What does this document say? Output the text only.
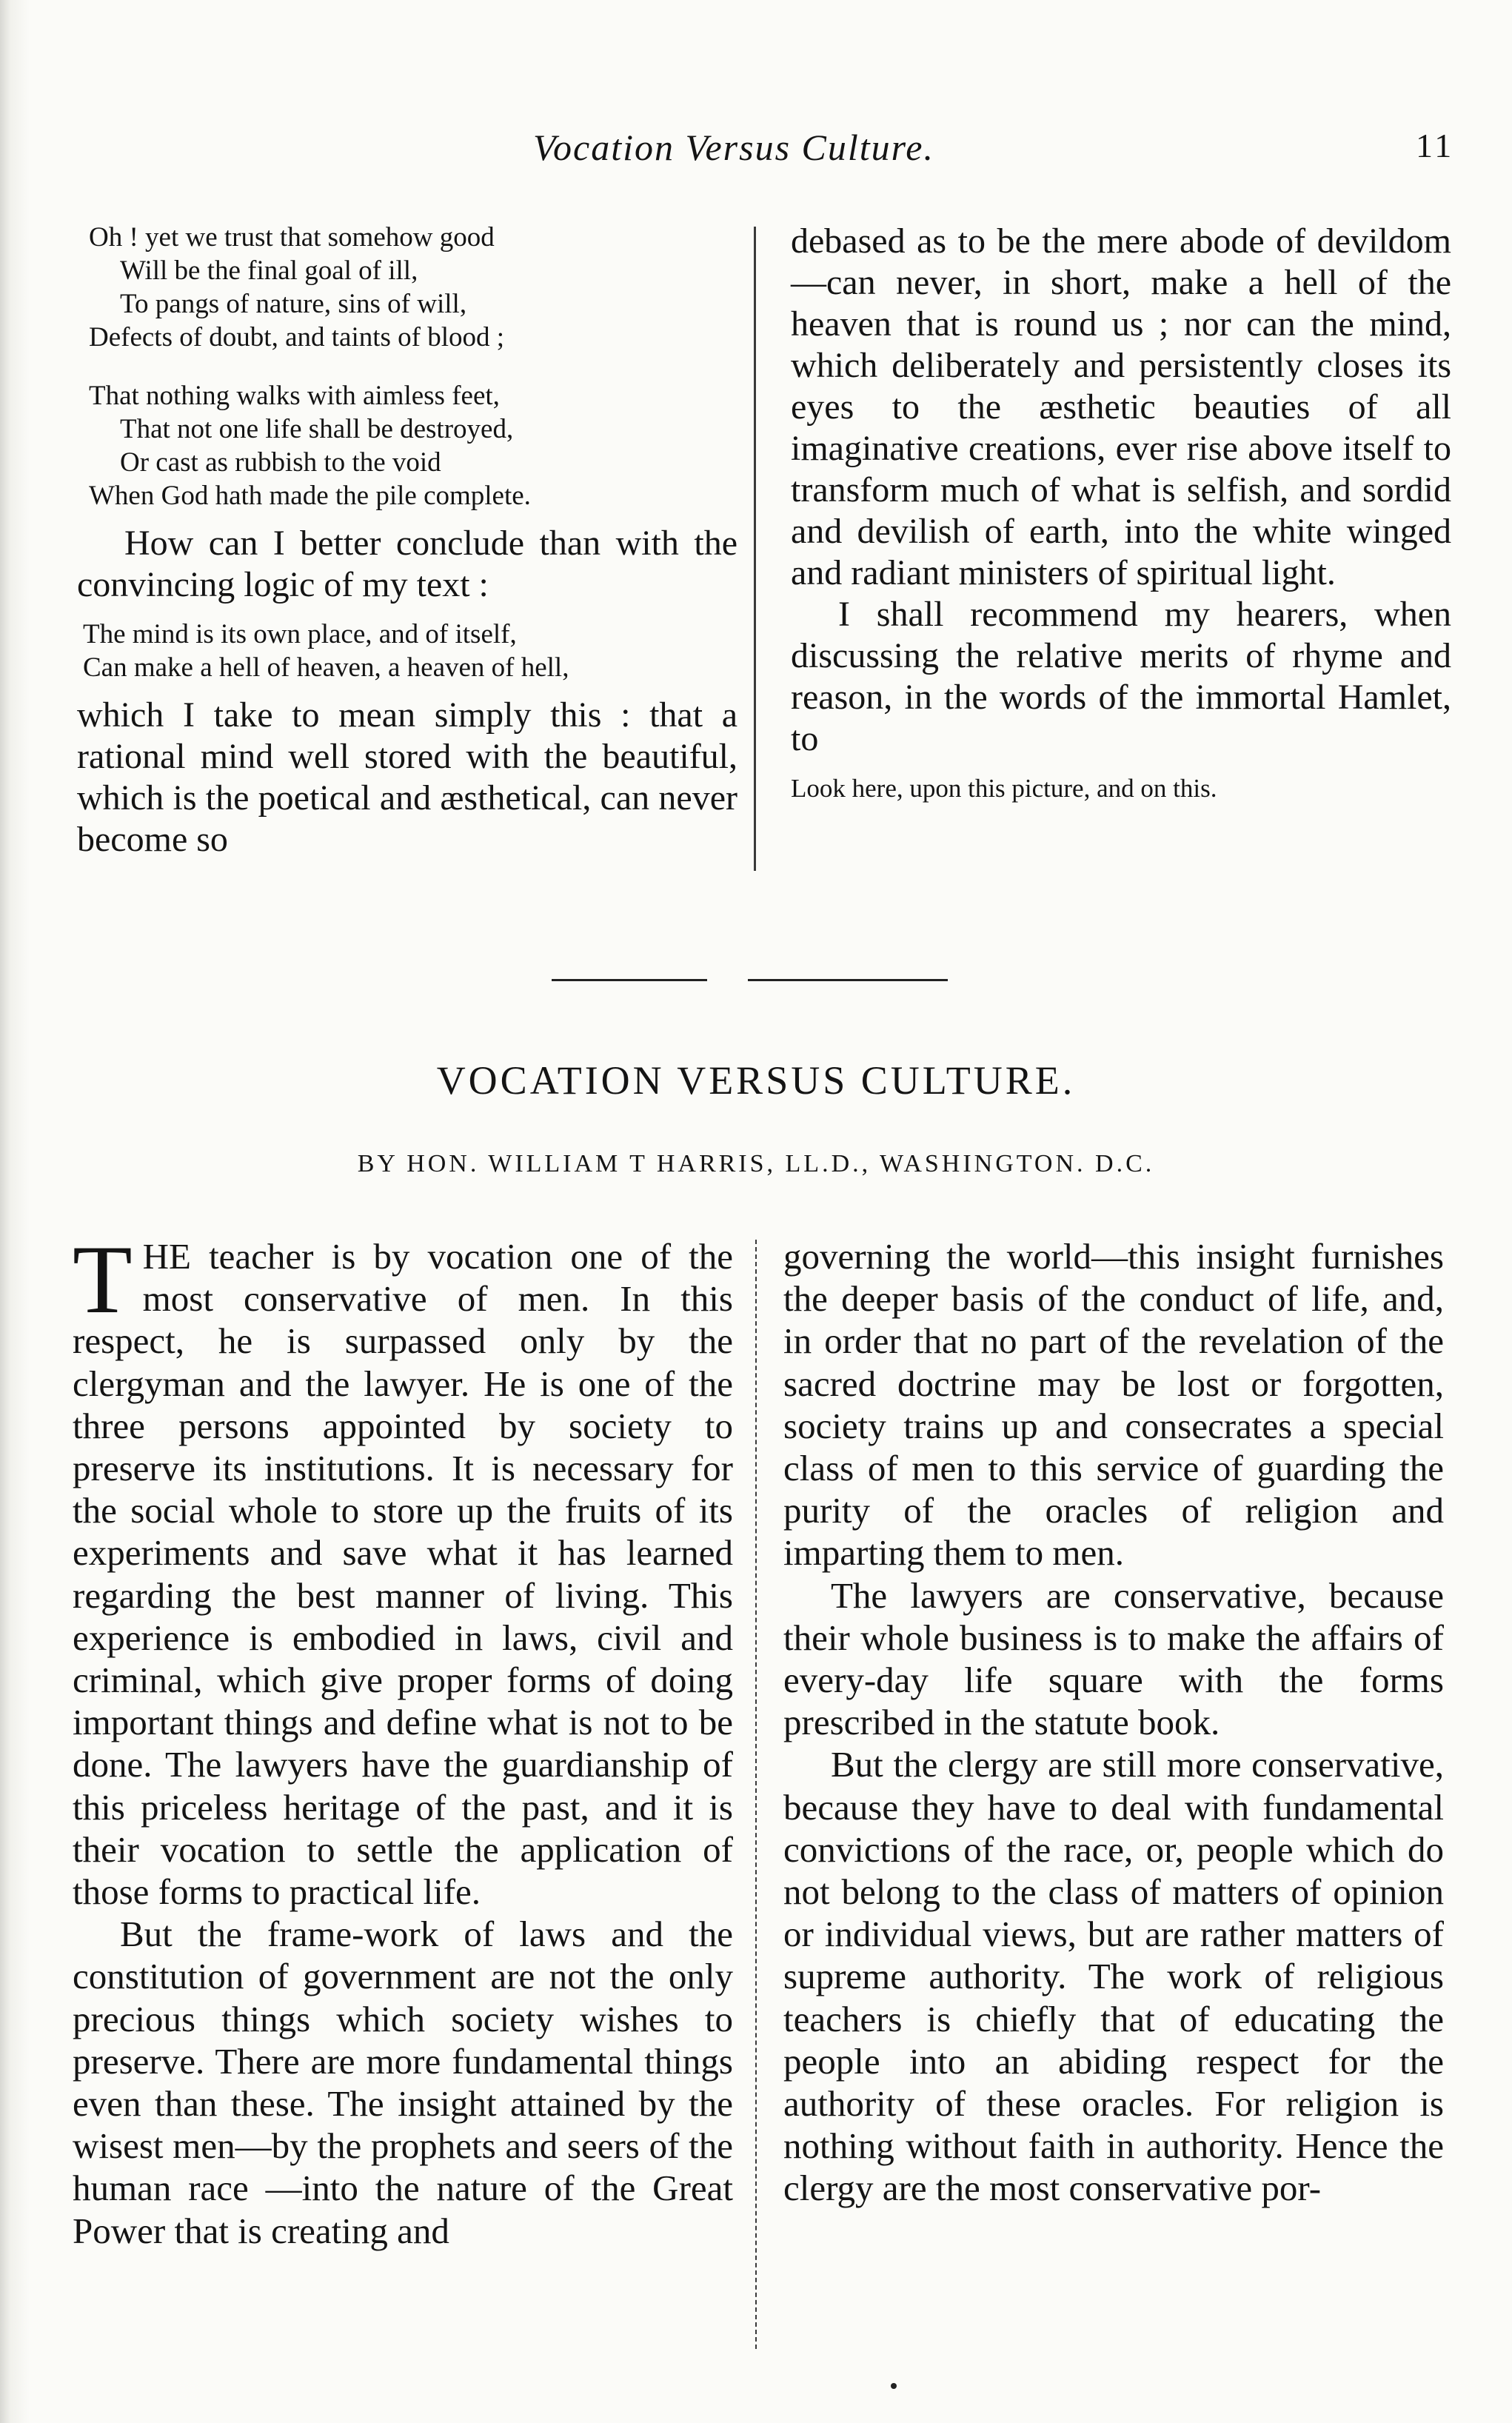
Vocation Versus Culture.	11
Oh ! yet we trust that somehow good
Will be the final goal of ill,
To pangs of nature, sins of will,
Defects of doubt, and taints of blood ;
That nothing walks with aimless feet,
That not one life shall be destroyed,
Or cast as rubbish to the void
When God hath made the pile complete.

How can I better conclude than with the convincing logic of my text :

The mind is its own place, and of itself,
Can make a hell of heaven, a heaven of hell,

which I take to mean simply this : that a rational mind well stored with the beautiful, which is the poetical and æsthetical, can never become so

debased as to be the mere abode of devildom—can never, in short, make a hell of the heaven that is round us ; nor can the mind, which deliberately and persistently closes its eyes to the æsthetic beauties of all imaginative creations, ever rise above itself to transform much of what is selfish, and sordid and devilish of earth, into the white winged and radiant ministers of spiritual light.

I shall recommend my hearers, when discussing the relative merits of rhyme and reason, in the words of the immortal Hamlet, to

Look here, upon this picture, and on this.
VOCATION VERSUS CULTURE.
BY HON. WILLIAM T HARRIS, LL.D., WASHINGTON. D.C.

THE teacher is by vocation one of the most conservative of men. In this respect, he is surpassed only by the clergyman and the lawyer. He is one of the three persons appointed by society to preserve its institutions. It is necessary for the social whole to store up the fruits of its experiments and save what it has learned regarding the best manner of living. This experience is embodied in laws, civil and criminal, which give proper forms of doing important things and define what is not to be done. The lawyers have the guardianship of this priceless heritage of the past, and it is their vocation to settle the application of those forms to practical life.

But the frame-work of laws and the constitution of government are not the only precious things which society wishes to preserve. There are more fundamental things even than these. The insight attained by the wisest men—by the prophets and seers of the human race —into the nature of the Great Power that is creating and

governing the world—this insight furnishes the deeper basis of the conduct of life, and, in order that no part of the revelation of the sacred doctrine may be lost or forgotten, society trains up and consecrates a special class of men to this service of guarding the purity of the oracles of religion and imparting them to men.

The lawyers are conservative, because their whole business is to make the affairs of every-day life square with the forms prescribed in the statute book.

But the clergy are still more conservative, because they have to deal with fundamental convictions of the race, or, people which do not belong to the class of matters of opinion or individual views, but are rather matters of supreme authority. The work of religious teachers is chiefly that of educating the people into an abiding respect for the authority of these oracles. For religion is nothing without faith in authority. Hence the clergy are the most conservative por-
